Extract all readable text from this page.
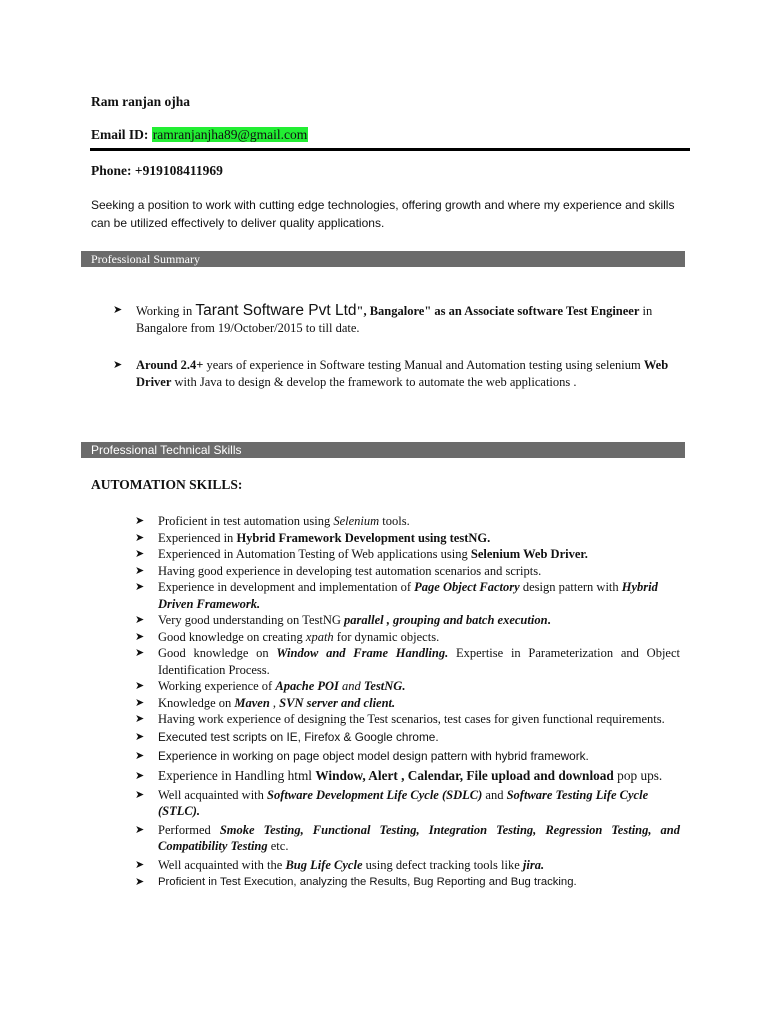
Ram ranjan ojha
Email ID: ramranjanjha89@gmail.com
Phone: +919108411969
Seeking a position to work with cutting edge technologies, offering growth and where my experience and skills can be utilized effectively to deliver quality applications.
Professional Summary
➤ Working in Tarant Software Pvt Ltd", Bangalore" as an Associate software Test Engineer in Bangalore from 19/October/2015 to till date.
➤ Around 2.4+ years of experience in Software testing Manual and Automation testing using selenium Web Driver with Java to design & develop the framework to automate the web applications .
Professional Technical Skills
AUTOMATION SKILLS:
➤ Proficient in test automation using Selenium tools.
➤ Experienced in Hybrid Framework Development using testNG.
➤ Experienced in Automation Testing of Web applications using Selenium Web Driver.
➤ Having good experience in developing test automation scenarios and scripts.
➤ Experience in development and implementation of Page Object Factory design pattern with Hybrid Driven Framework.
➤ Very good understanding on TestNG parallel , grouping and batch execution.
➤ Good knowledge on creating xpath for dynamic objects.
➤ Good knowledge on Window and Frame Handling. Expertise in Parameterization and Object Identification Process.
➤ Working experience of Apache POI and TestNG.
➤ Knowledge on Maven , SVN server and client.
➤ Having work experience of designing the Test scenarios, test cases for given functional requirements.
➤ Executed test scripts on IE, Firefox & Google chrome.
➤ Experience in working on page object model design pattern with hybrid framework.
➤ Experience in Handling html Window, Alert , Calendar, File upload and download pop ups.
➤ Well acquainted with Software Development Life Cycle (SDLC) and Software Testing Life Cycle (STLC).
➤ Performed Smoke Testing, Functional Testing, Integration Testing, Regression Testing, and Compatibility Testing etc.
➤ Well acquainted with the Bug Life Cycle using defect tracking tools like jira.
➤ Proficient in Test Execution, analyzing the Results, Bug Reporting and Bug tracking.
